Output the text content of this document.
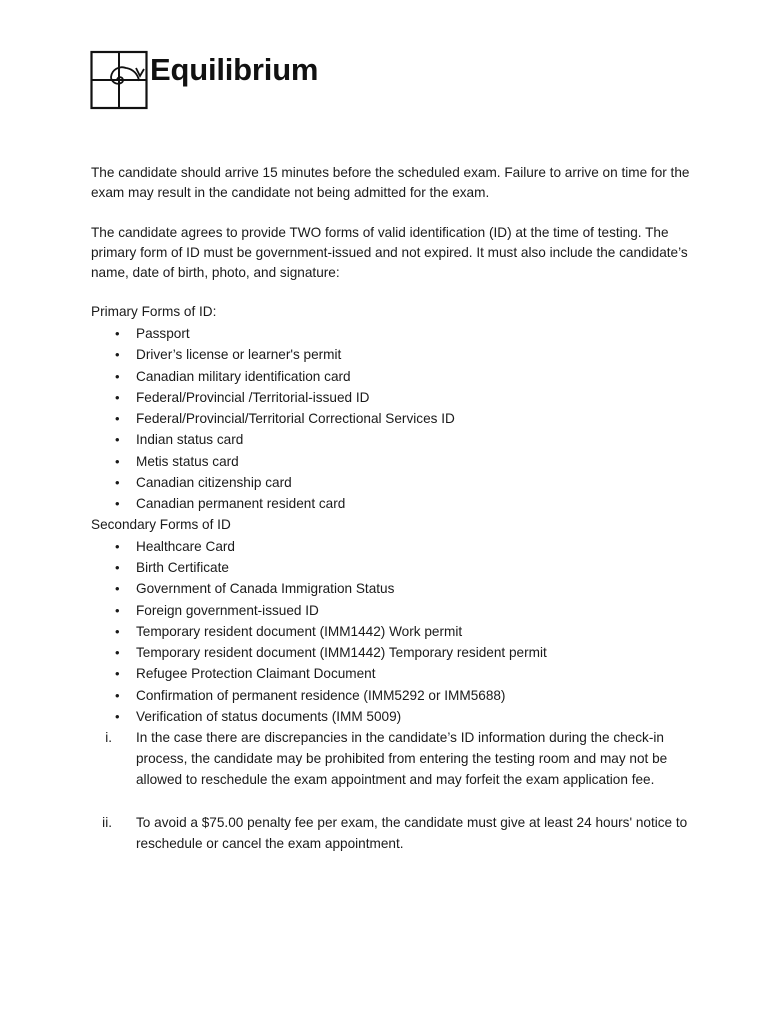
Equilibrium

The candidate should arrive 15 minutes before the scheduled exam. Failure to arrive on time for the exam may result in the candidate not being admitted for the exam.

The candidate agrees to provide TWO forms of valid identification (ID) at the time of testing. The primary form of ID must be government-issued and not expired. It must also include the candidate’s name, date of birth, photo, and signature:

Primary Forms of ID:

• Passport
• Driver’s license or learner's permit
• Canadian military identification card
• Federal/Provincial /Territorial-issued ID
• Federal/Provincial/Territorial Correctional Services ID
• Indian status card
• Metis status card
• Canadian citizenship card
• Canadian permanent resident card

Secondary Forms of ID

• Healthcare Card
• Birth Certificate
• Government of Canada Immigration Status
• Foreign government-issued ID
• Temporary resident document (IMM1442) Work permit
• Temporary resident document (IMM1442) Temporary resident permit
• Refugee Protection Claimant Document
• Confirmation of permanent residence (IMM5292 or IMM5688)
• Verification of status documents (IMM 5009)
i. In the case there are discrepancies in the candidate’s ID information during the check-in process, the candidate may be prohibited from entering the testing room and may not be allowed to reschedule the exam appointment and may forfeit the exam application fee.
ii. To avoid a $75.00 penalty fee per exam, the candidate must give at least 24 hours' notice to reschedule or cancel the exam appointment.
